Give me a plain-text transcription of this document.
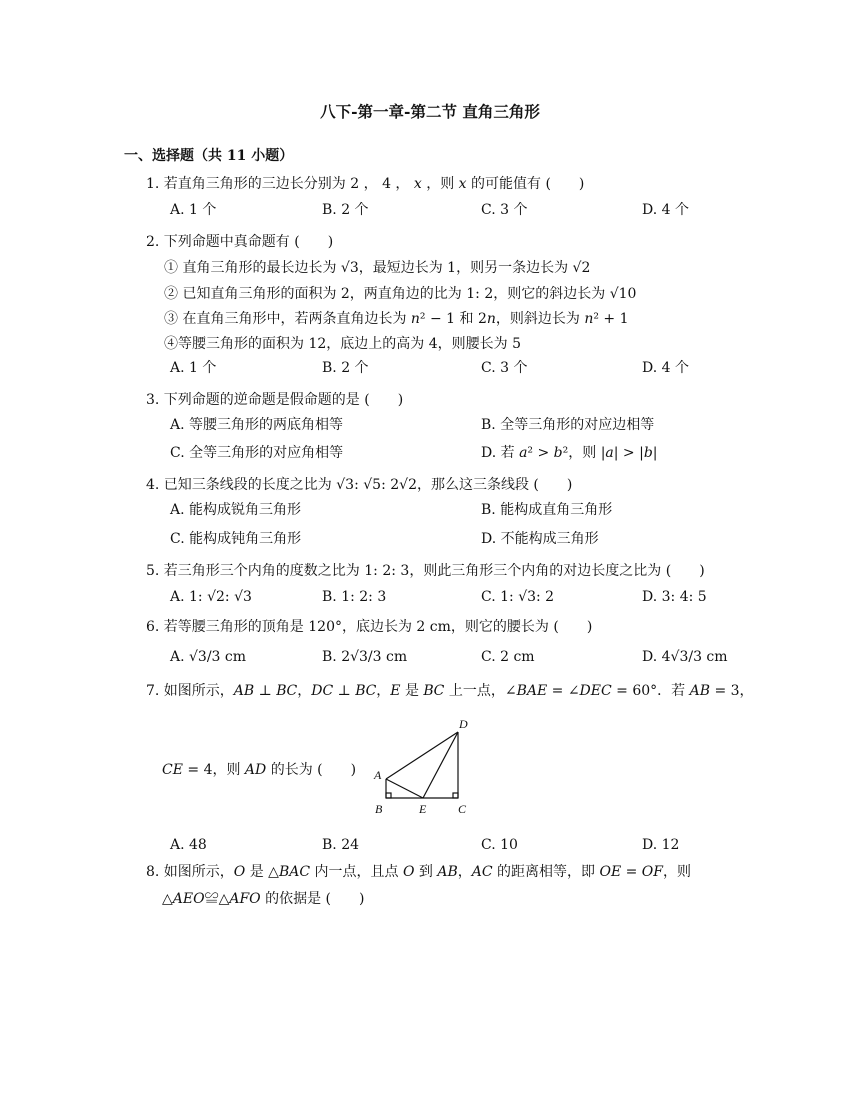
八下-第一章-第二节 直角三角形
一、选择题（共 11 小题）
1. 若直角三角形的三边长分别为 2 ， 4 ， 𝑥 ，则 𝑥 的可能值有 (　　)
A. 1 个	B. 2 个	C. 3 个	D. 4 个
2. 下列命题中真命题有 (　　)
① 直角三角形的最长边长为 √3，最短边长为 1，则另一条边长为 √2
② 已知直角三角形的面积为 2，两直角边的比为 1: 2，则它的斜边长为 √10
③ 在直角三角形中，若两条直角边长为 𝑛² − 1 和 2𝑛，则斜边长为 𝑛² + 1
④等腰三角形的面积为 12，底边上的高为 4，则腰长为 5
A. 1 个	B. 2 个	C. 3 个	D. 4 个
3. 下列命题的逆命题是假命题的是 (　　)
A. 等腰三角形的两底角相等	B. 全等三角形的对应边相等
C. 全等三角形的对应角相等	D. 若 𝑎² > 𝑏²，则 |𝑎| > |𝑏|
4. 已知三条线段的长度之比为 √3: √5: 2√2，那么这三条线段 (　　)
A. 能构成锐角三角形	B. 能构成直角三角形
C. 能构成钝角三角形	D. 不能构成三角形
5. 若三角形三个内角的度数之比为 1: 2: 3，则此三角形三个内角的对边长度之比为 (　　)
A. 1: √2: √3	B. 1: 2: 3	C. 1: √3: 2	D. 3: 4: 5
6. 若等腰三角形的顶角是 120°，底边长为 2 cm，则它的腰长为 (　　)
A. √3/3 cm	B. 2√3/3 cm	C. 2 cm	D. 4√3/3 cm
7. 如图所示，𝐴𝐵 ⊥ 𝐵𝐶，𝐷𝐶 ⊥ 𝐵𝐶，𝐸 是 𝐵𝐶 上一点，∠𝐵𝐴𝐸 = ∠𝐷𝐸𝐶 = 60°．若 𝐴𝐵 = 3，
𝐶𝐸 = 4，则 𝐴𝐷 的长为 (　　)
D
A
B	E	C
A. 48	B. 24	C. 10	D. 12
8. 如图所示，𝑂 是 △𝐵𝐴𝐶 内一点，且点 𝑂 到 𝐴𝐵，𝐴𝐶 的距离相等，即 𝑂𝐸 = 𝑂𝐹，则
△𝐴𝐸𝑂≌△𝐴𝐹𝑂 的依据是 (　　)
